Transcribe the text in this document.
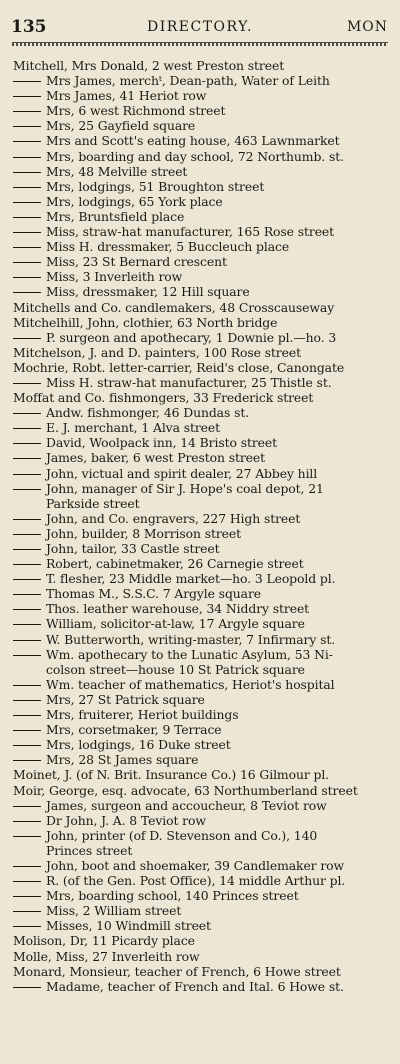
135	DIRECTORY.	MON
Mitchell, Mrs Donald, 2 west Preston street
Mrs James, merchᵗ, Dean-path, Water of Leith
Mrs James, 41 Heriot row
Mrs, 6 west Richmond street
Mrs, 25 Gayfield square
Mrs and Scott's eating house, 463 Lawnmarket
Mrs, boarding and day school, 72 Northumb. st.
Mrs, 48 Melville street
Mrs, lodgings, 51 Broughton street
Mrs, lodgings, 65 York place
Mrs, Bruntsfield place
Miss, straw-hat manufacturer, 165 Rose street
Miss H. dressmaker, 5 Buccleuch place
Miss, 23 St Bernard crescent
Miss, 3 Inverleith row
Miss, dressmaker, 12 Hill square
Mitchells and Co. candlemakers, 48 Crosscauseway
Mitchelhill, John, clothier, 63 North bridge
P. surgeon and apothecary, 1 Downie pl.—ho. 3
Mitchelson, J. and D. painters, 100 Rose street
Mochrie, Robt. letter-carrier, Reid's close, Canongate
Miss H. straw-hat manufacturer, 25 Thistle st.
Moffat and Co. fishmongers, 33 Frederick street
Andw. fishmonger, 46 Dundas st.
E. J. merchant, 1 Alva street
David, Woolpack inn, 14 Bristo street
James, baker, 6 west Preston street
John, victual and spirit dealer, 27 Abbey hill
John, manager of Sir J. Hope's coal depot, 21
Parkside street
John, and Co. engravers, 227 High street
John, builder, 8 Morrison street
John, tailor, 33 Castle street
Robert, cabinetmaker, 26 Carnegie street
T. flesher, 23 Middle market—ho. 3 Leopold pl.
Thomas M., S.S.C. 7 Argyle square
Thos. leather warehouse, 34 Niddry street
William, solicitor-at-law, 17 Argyle square
W. Butterworth, writing-master, 7 Infirmary st.
Wm. apothecary to the Lunatic Asylum, 53 Ni-
colson street—house 10 St Patrick square
Wm. teacher of mathematics, Heriot's hospital
Mrs, 27 St Patrick square
Mrs, fruiterer, Heriot buildings
Mrs, corsetmaker, 9 Terrace
Mrs, lodgings, 16 Duke street
Mrs, 28 St James square
Moinet, J. (of N. Brit. Insurance Co.) 16 Gilmour pl.
Moir, George, esq. advocate, 63 Northumberland street
James, surgeon and accoucheur, 8 Teviot row
Dr John, J. A. 8 Teviot row
John, printer (of D. Stevenson and Co.), 140
Princes street
John, boot and shoemaker, 39 Candlemaker row
R. (of the Gen. Post Office), 14 middle Arthur pl.
Mrs, boarding school, 140 Princes street
Miss, 2 William street
Misses, 10 Windmill street
Molison, Dr, 11 Picardy place
Molle, Miss, 27 Inverleith row
Monard, Monsieur, teacher of French, 6 Howe street
Madame, teacher of French and Ital. 6 Howe st.
